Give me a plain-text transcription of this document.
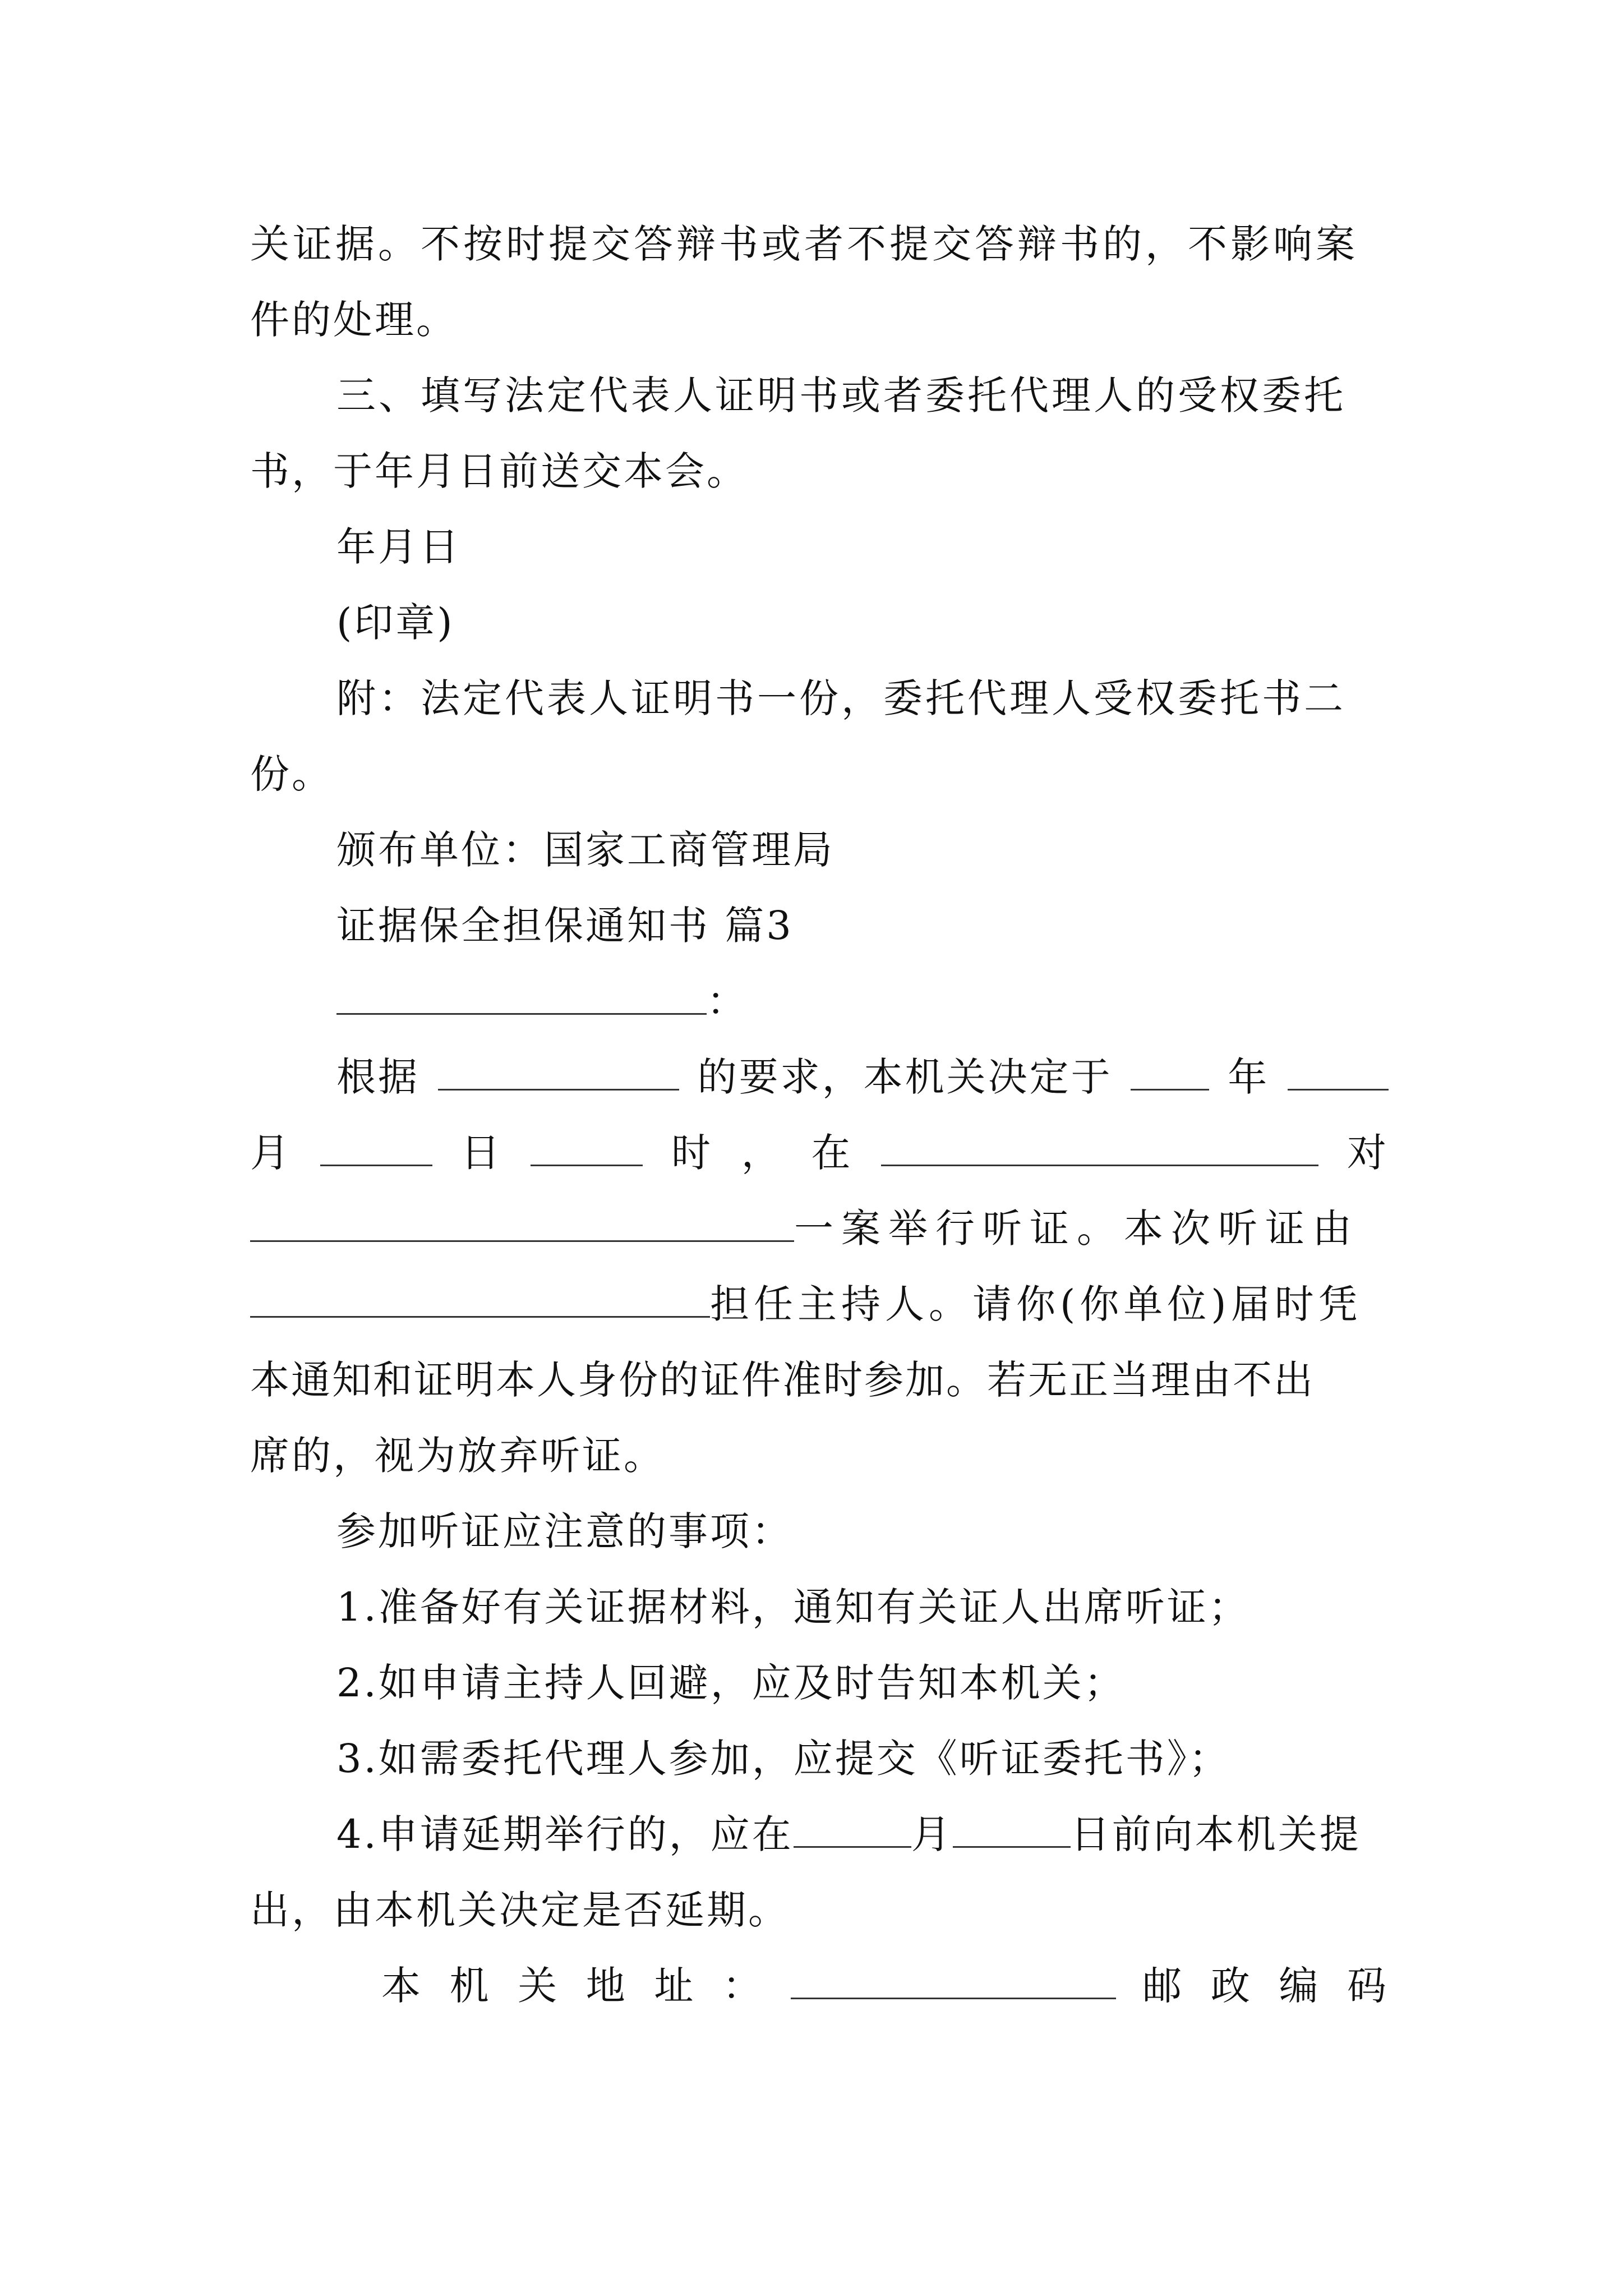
关证据。不按时提交答辩书或者不提交答辩书的，不影响案
件的处理。
三、填写法定代表人证明书或者委托代理人的受权委托
书，于年月日前送交本会。
年月日
(印章)
附：法定代表人证明书一份，委托代理人受权委托书二
份。
颁布单位：国家工商管理局
证据保全担保通知书 篇3
：
根据	的要求，本机关决定于	年
月	日	时 ， 在	对
一案举行听证。本次听证由
担任主持人。请你(你单位)届时凭
本通知和证明本人身份的证件准时参加。若无正当理由不出
席的，视为放弃听证。
参加听证应注意的事项：
1.准备好有关证据材料，通知有关证人出席听证；
2.如申请主持人回避，应及时告知本机关；
3.如需委托代理人参加，应提交《听证委托书》；
4.申请延期举行的，应在	月	日前向本机关提
出，由本机关决定是否延期。
本 机 关 地 址 ：	邮 政 编 码
